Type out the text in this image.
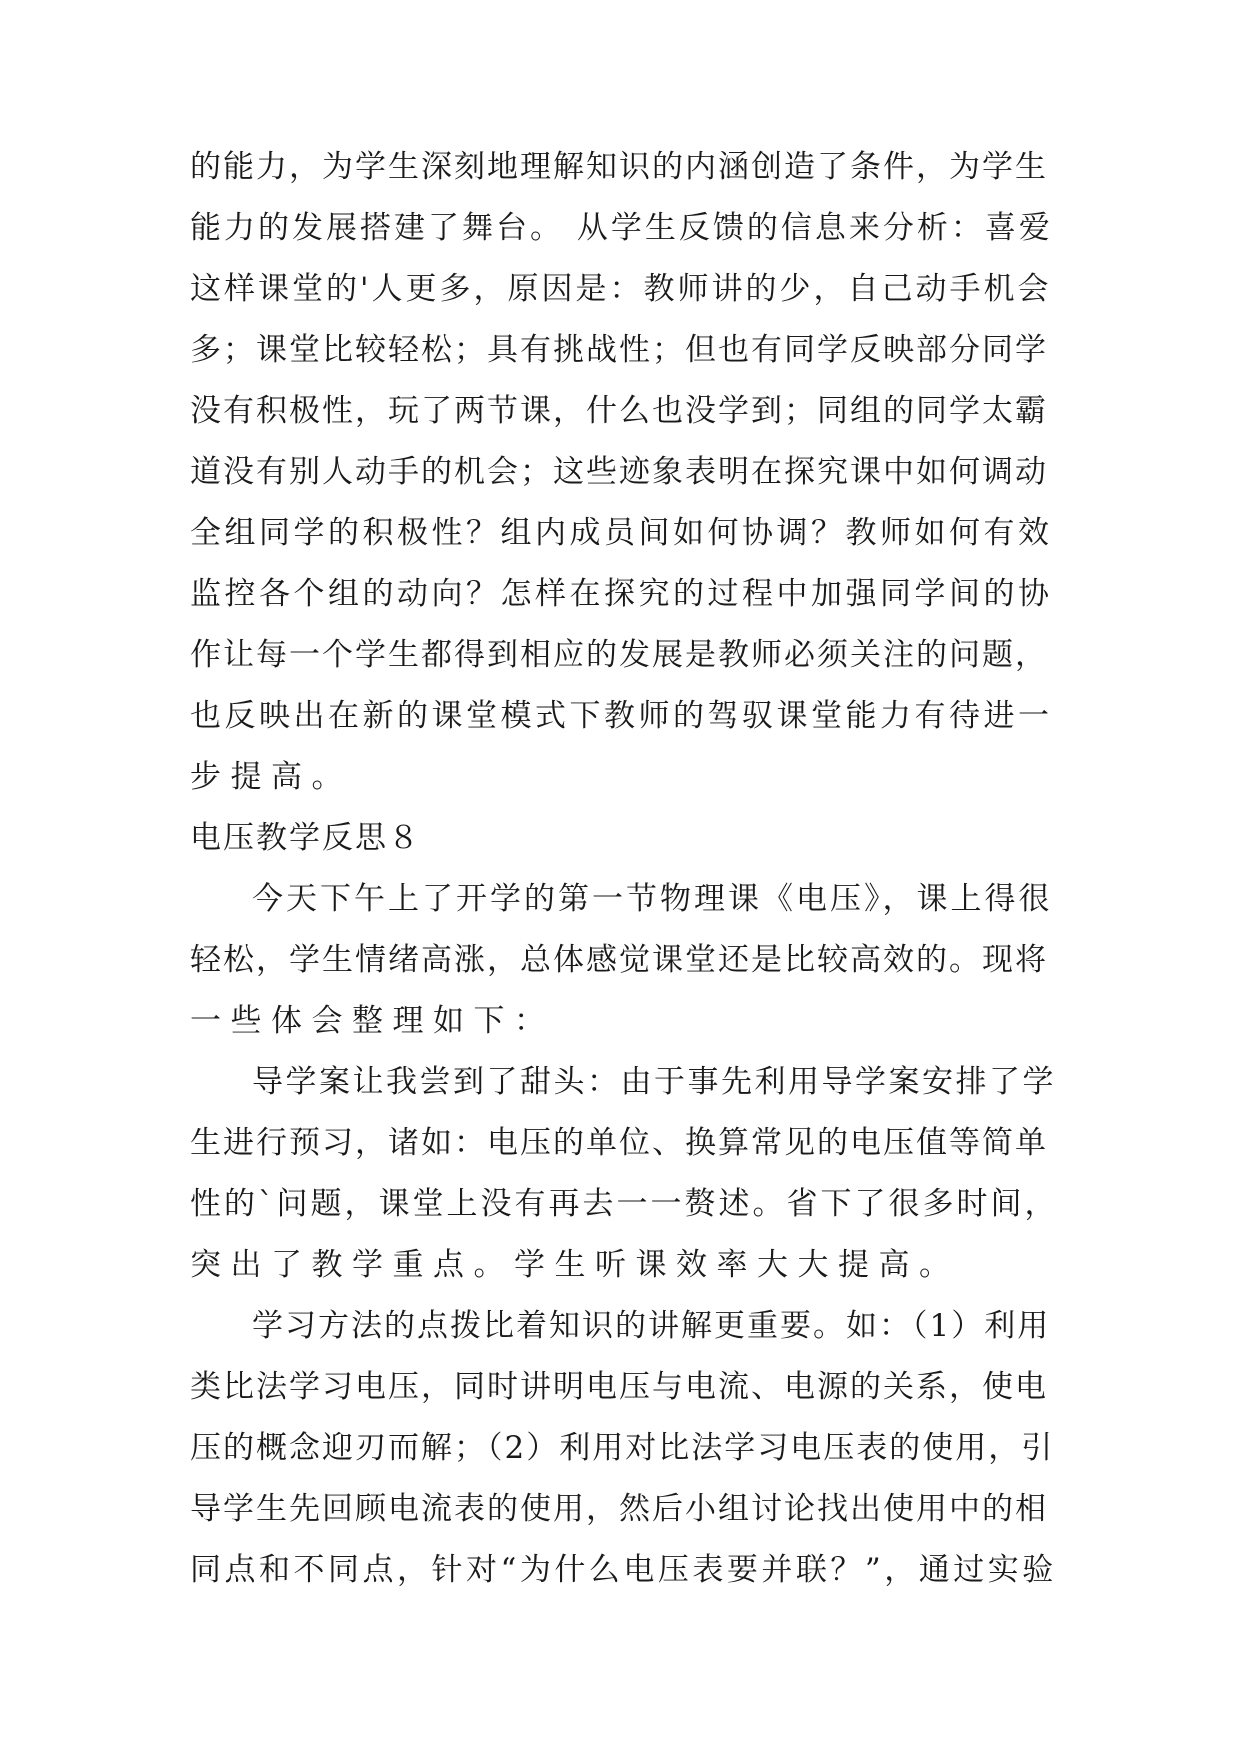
的能力，为学生深刻地理解知识的内涵创造了条件，为学生
能力的发展搭建了舞台。 从学生反馈的信息来分析：喜爱
这样课堂的'人更多，原因是：教师讲的少，自己动手机会
多；课堂比较轻松；具有挑战性；但也有同学反映部分同学
没有积极性，玩了两节课，什么也没学到；同组的同学太霸
道没有别人动手的机会；这些迹象表明在探究课中如何调动
全组同学的积极性？组内成员间如何协调？教师如何有效
监控各个组的动向？怎样在探究的过程中加强同学间的协
作让每一个学生都得到相应的发展是教师必须关注的问题，
也反映出在新的课堂模式下教师的驾驭课堂能力有待进一
步提高。
电压教学反思８
今天下午上了开学的第一节物理课《电压》，课上得很
轻松，学生情绪高涨，总体感觉课堂还是比较高效的。现将
一些体会整理如下：
导学案让我尝到了甜头：由于事先利用导学案安排了学
生进行预习，诸如：电压的单位、换算常见的电压值等简单
性的`问题，课堂上没有再去一一赘述。省下了很多时间，
突出了教学重点。学生听课效率大大提高。
学习方法的点拨比着知识的讲解更重要。如：（1）利用
类比法学习电压，同时讲明电压与电流、电源的关系，使电
压的概念迎刃而解；（2）利用对比法学习电压表的使用，引
导学生先回顾电流表的使用，然后小组讨论找出使用中的相
同点和不同点，针对“为什么电压表要并联？”，通过实验
